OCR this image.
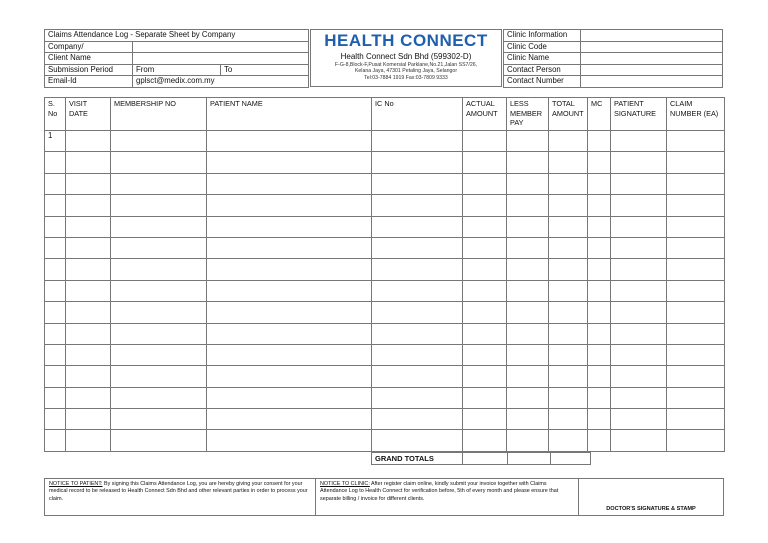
Claims Attendance Log - Separate Sheet by Company		
Company/		
Client Name		
Submission Period	From	To
Email-Id	gplsct@medix.com.my	
HEALTH CONNECT
Health Connect Sdn Bhd (599302-D)
F-G-8,Block-F,Pusat Komersial Parklane,No.21,Jalan SS7/26,
Kelana Jaya, 47301 Petaling Jaya, Selangor
Tel:03-7884 1919 Fax:03-7809 9333
Clinic Information	
Clinic Code	
Clinic Name	
Contact Person	
Contact Number	
S. No	VISIT DATE	MEMBERSHIP NO	PATIENT NAME	IC No	ACTUAL AMOUNT	LESS MEMBER PAY	TOTAL AMOUNT	MC	PATIENT SIGNATURE	CLAIM NUMBER (EA)
1										

GRAND TOTALS			
NOTICE TO PATIENT: By signing this Claims Attendance Log, you are hereby giving your consent for your medical record to be released to Health Connect Sdn Bhd and other relevant parties in order to process your claim.	NOTICE TO CLINIC: After register claim online, kindly submit your invoice together with Claims Attendance Log to Health Connect for verification before, 5th of every month and please ensure that separate billing / invoice for different clients.	DOCTOR'S SIGNATURE & STAMP
